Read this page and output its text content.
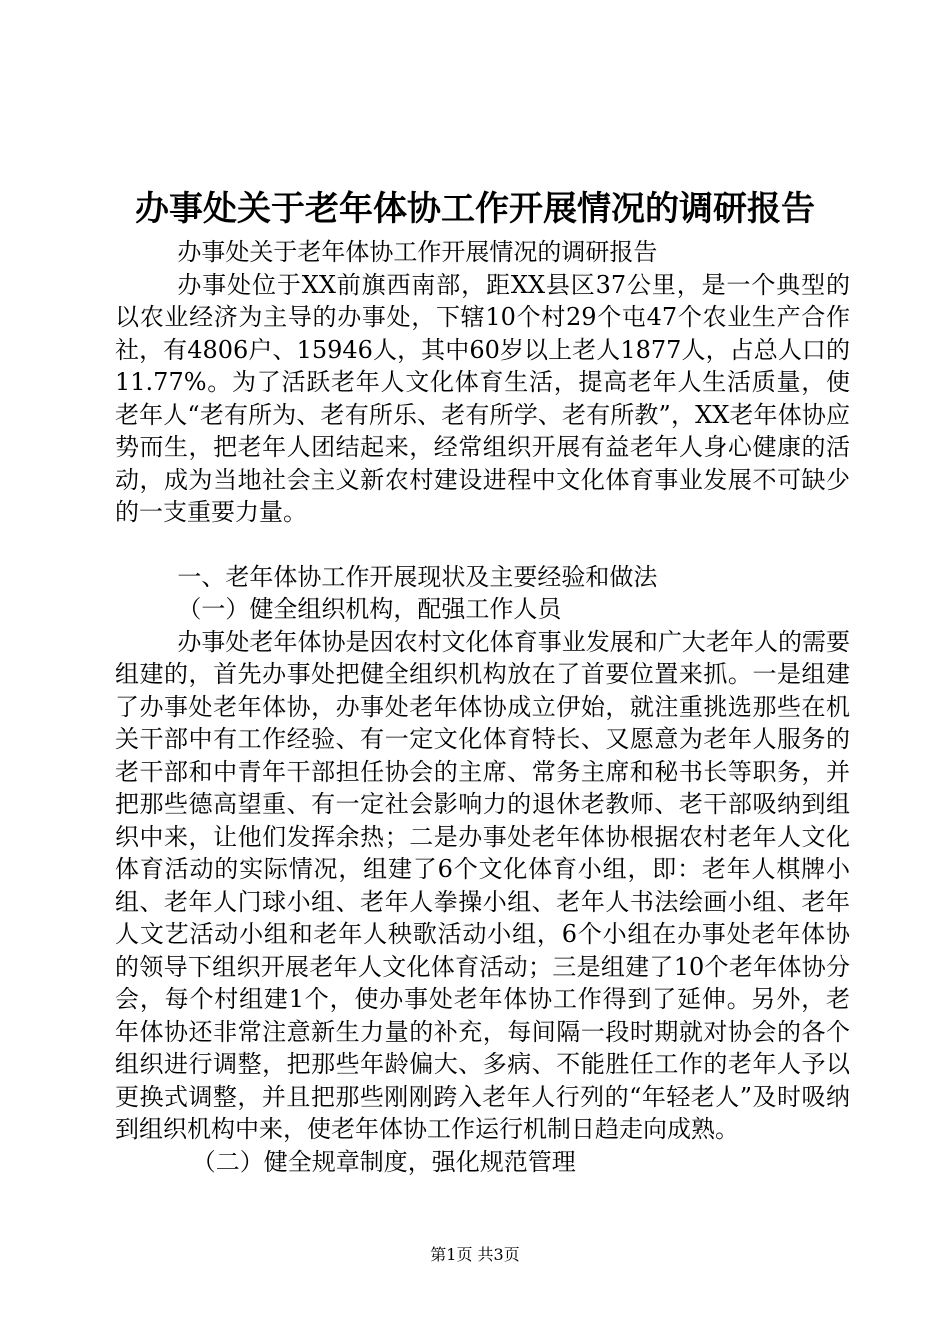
办事处关于老年体协工作开展情况的调研报告

办事处关于老年体协工作开展情况的调研报告

办事处位于XX前旗西南部，距XX县区37公里，是一个典型的以农业经济为主导的办事处，下辖10个村29个屯47个农业生产合作社，有4806户、15946人，其中60岁以上老人1877人，占总人口的11.77%。为了活跃老年人文化体育生活，提高老年人生活质量，使老年人“老有所为、老有所乐、老有所学、老有所教”，XX老年体协应势而生，把老年人团结起来，经常组织开展有益老年人身心健康的活动，成为当地社会主义新农村建设进程中文化体育事业发展不可缺少的一支重要力量。

一、老年体协工作开展现状及主要经验和做法

（一）健全组织机构，配强工作人员

办事处老年体协是因农村文化体育事业发展和广大老年人的需要组建的，首先办事处把健全组织机构放在了首要位置来抓。一是组建了办事处老年体协，办事处老年体协成立伊始，就注重挑选那些在机关干部中有工作经验、有一定文化体育特长、又愿意为老年人服务的老干部和中青年干部担任协会的主席、常务主席和秘书长等职务，并把那些德高望重、有一定社会影响力的退休老教师、老干部吸纳到组织中来，让他们发挥余热；二是办事处老年体协根据农村老年人文化体育活动的实际情况，组建了6个文化体育小组，即：老年人棋牌小组、老年人门球小组、老年人拳操小组、老年人书法绘画小组、老年人文艺活动小组和老年人秧歌活动小组，6个小组在办事处老年体协的领导下组织开展老年人文化体育活动；三是组建了10个老年体协分会，每个村组建1个，使办事处老年体协工作得到了延伸。另外，老年体协还非常注意新生力量的补充，每间隔一段时期就对协会的各个组织进行调整，把那些年龄偏大、多病、不能胜任工作的老年人予以更换式调整，并且把那些刚刚跨入老年人行列的“年轻老人”及时吸纳到组织机构中来，使老年体协工作运行机制日趋走向成熟。

（二）健全规章制度，强化规范管理

第1页 共3页
